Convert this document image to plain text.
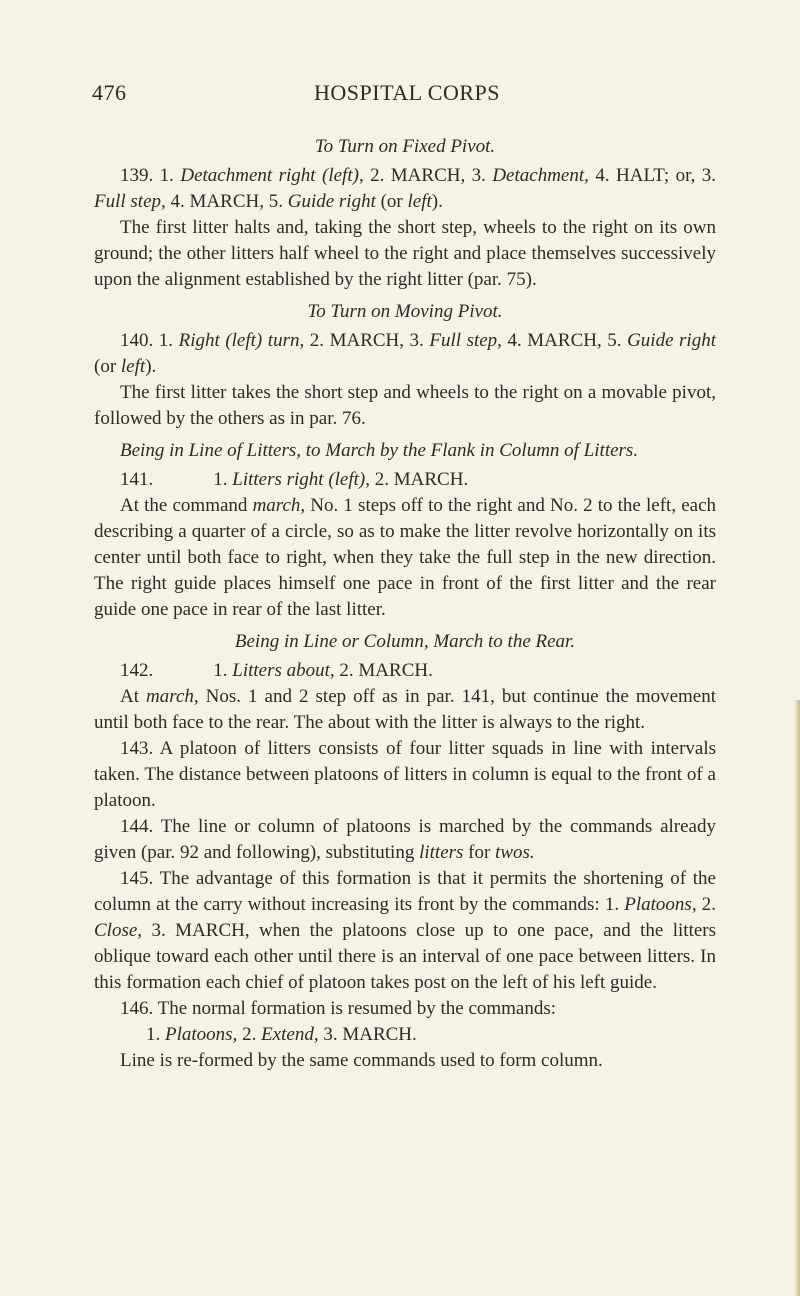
476	HOSPITAL CORPS

To Turn on Fixed Pivot.

139. 1. Detachment right (left), 2. MARCH, 3. Detachment, 4. HALT; or, 3. Full step, 4. MARCH, 5. Guide right (or left).

The first litter halts and, taking the short step, wheels to the right on its own ground; the other litters half wheel to the right and place themselves successively upon the alignment established by the right litter (par. 75).

To Turn on Moving Pivot.

140. 1. Right (left) turn, 2. MARCH, 3. Full step, 4. MARCH, 5. Guide right (or left).

The first litter takes the short step and wheels to the right on a movable pivot, followed by the others as in par. 76.

Being in Line of Litters, to March by the Flank in Column of Litters.

141.	1. Litters right (left), 2. MARCH.

At the command march, No. 1 steps off to the right and No. 2 to the left, each describing a quarter of a circle, so as to make the litter revolve horizontally on its center until both face to right, when they take the full step in the new direction. The right guide places himself one pace in front of the first litter and the rear guide one pace in rear of the last litter.

Being in Line or Column, March to the Rear.

142.	1. Litters about, 2. MARCH.

At march, Nos. 1 and 2 step off as in par. 141, but continue the movement until both face to the rear. The about with the litter is always to the right.

143. A platoon of litters consists of four litter squads in line with intervals taken. The distance between platoons of litters in column is equal to the front of a platoon.

144. The line or column of platoons is marched by the commands already given (par. 92 and following), substituting litters for twos.

145. The advantage of this formation is that it permits the shortening of the column at the carry without increasing its front by the commands: 1. Platoons, 2. Close, 3. MARCH, when the platoons close up to one pace, and the litters oblique toward each other until there is an interval of one pace between litters. In this formation each chief of platoon takes post on the left of his left guide.

146. The normal formation is resumed by the commands:

1. Platoons, 2. Extend, 3. MARCH.

Line is re-formed by the same commands used to form column.
